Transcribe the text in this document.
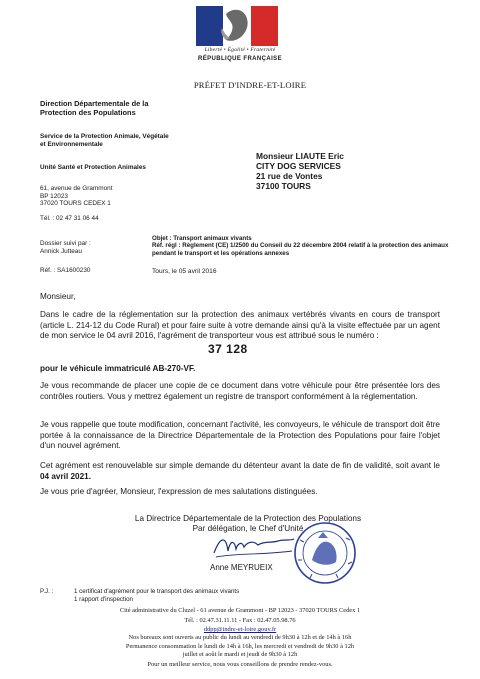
Liberté • Égalité • Fraternité
RÉPUBLIQUE FRANÇAISE
PRÉFET D'INDRE-ET-LOIRE
Direction Départementale de la Protection des Populations
Service de la Protection Animale, Végétale et Environnementale
Unité Santé et Protection Animales
61, avenue de Grammont
BP 12023
37020 TOURS CEDEX 1
Tél. : 02 47 31 06 44
Dossier suivi par :
Annick Jutteau
Réf. : SA1600230
Monsieur LIAUTE Eric
CITY DOG SERVICES
21 rue de Vontes
37100 TOURS
Objet : Transport animaux vivants
Réf. régl : Règlement (CE) 1/2500 du Conseil du 22 décembre 2004 relatif à la protection des animaux pendant le transport et les opérations annexes
Tours, le 05 avril 2016
Monsieur,
Dans le cadre de la réglementation sur la protection des animaux vertébrés vivants en cours de transport (article L. 214-12 du Code Rural) et pour faire suite à votre demande ainsi qu'à la visite effectuée par un agent de mon service le 04 avril 2016, l'agrément de transporteur vous est attribué sous le numéro :
37 128
pour le véhicule immatriculé AB-270-VF.
Je vous recommande de placer une copie de ce document dans votre véhicule pour être présentée lors des contrôles routiers. Vous y mettrez également un registre de transport conformément à la réglementation.
Je vous rappelle que toute modification, concernant l'activité, les convoyeurs, le véhicule de transport doit être portée à la connaissance de la Directrice Départementale de la Protection des Populations pour faire l'objet d'un nouvel agrément.
Cet agrément est renouvelable sur simple demande du détenteur avant la date de fin de validité, soit avant le 04 avril 2021.
Je vous prie d'agréer, Monsieur, l'expression de mes salutations distinguées.
La Directrice Départementale de la Protection des Populations
Par délégation, le Chef d'Unité
Anne MEYRUEIX
P.J. :	1 certificat d'agrément pour le transport des animaux vivants
1 rapport d'inspection
Cité administrative du Cluzel - 61 avenue de Grammont - BP 12023 - 37020 TOURS Cedex 1
Tél. : 02.47.31.11.11 - Fax : 02.47.05.98.76
ddpp@indre-et-loire.gouv.fr
Nos bureaux sont ouverts au public du lundi au vendredi de 9h30 à 12h et de 14h à 16h
Permanence consommation le lundi de 14h à 16h, les mercredi et vendredi de 9h30 à 12h
juillet et août le mardi et jeudi de 9h30 à 12h
Pour un meilleur service, nous vous conseillons de prendre rendez-vous.
